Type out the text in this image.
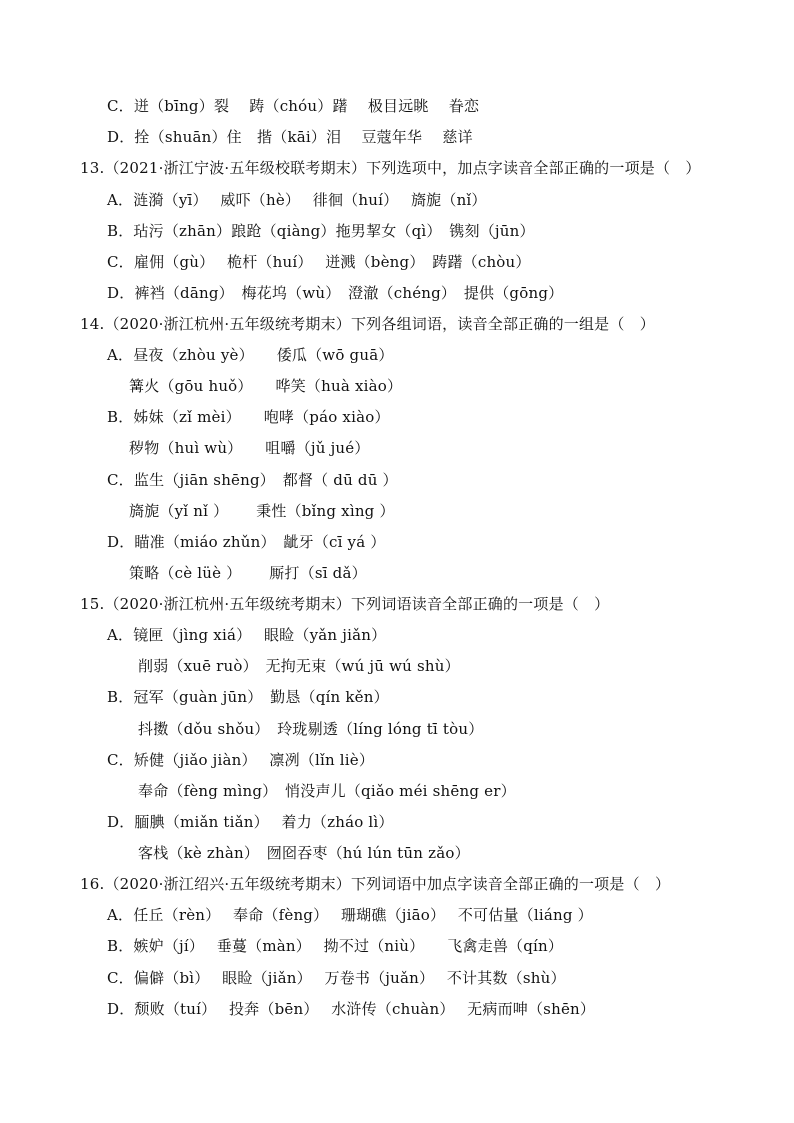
C．迸（bīng）裂　 踌（chóu）躇　 极目远眺　 眷恋
D．拴（shuān）住　揩（kāi）泪　 豆蔻年华　 慈详
13.（2021·浙江宁波·五年级校联考期末）下列选项中，加点字读音全部正确的一项是（　）
A．涟漪（yī）　 威吓（hè）　 徘徊（huí）　 旖旎（nǐ）
B．玷污（zhān）踉跄（qiàng）拖男挈女（qì）　镌刻（jūn）
C．雇佣（gù）　 桅杆（huí）　 迸溅（bèng）　踌躇（chòu）
D．裤裆（dāng）　梅花坞（wù）　澄澈（chéng）　提供（gōng）
14.（2020·浙江杭州·五年级统考期末）下列各组词语，读音全部正确的一组是（　）
A．昼夜（zhòu yè）　　倭瓜（wō guā）
篝火（gōu huǒ）　　哗笑（huà xiào）
B．姊妹（zǐ mèi）　　咆哮（páo xiào）
秽物（huì wù）　　咀嚼（jǔ jué）
C．监生（jiān shēng）　都督（ dū dū ）
旖旎（yǐ nǐ ）　　 秉性（bǐng xìng ）
D．瞄准（miáo zhǔn）　龇牙（cī yá ）
策略（cè lüè ）　　 厮打（sī dǎ）
15.（2020·浙江杭州·五年级统考期末）下列词语读音全部正确的一项是（　）
A．镜匣（jìng xiá）　 眼睑（yǎn jiǎn）
削弱（xuē ruò）　无拘无束（wú jū wú shù）
B．冠军（guàn jūn）　勤恳（qín kěn）
抖擞（dǒu shǒu）　玲珑剔透（líng lóng tī tòu）
C．矫健（jiǎo jiàn）　 凛冽（lǐn liè）
奉命（fèng mìng）　悄没声儿（qiǎo méi shēng er）
D．腼腆（miǎn tiǎn）　 着力（zháo lì）
客栈（kè zhàn）　囫囵吞枣（hú lún tūn zǎo）
16.（2020·浙江绍兴·五年级统考期末）下列词语中加点字读音全部正确的一项是（　）
A．任丘（rèn）　 奉命（fèng）　 珊瑚礁（jiāo）　 不可估量（liáng ）
B．嫉妒（jí）　 垂蔓（màn）　 拗不过（niù）　　飞禽走兽（qín）
C．偏僻（bì）　 眼睑（jiǎn）　 万卷书（juǎn）　 不计其数（shù）
D．颓败（tuí）　 投奔（bēn）　 水浒传（chuàn）　 无病而呻（shēn）
